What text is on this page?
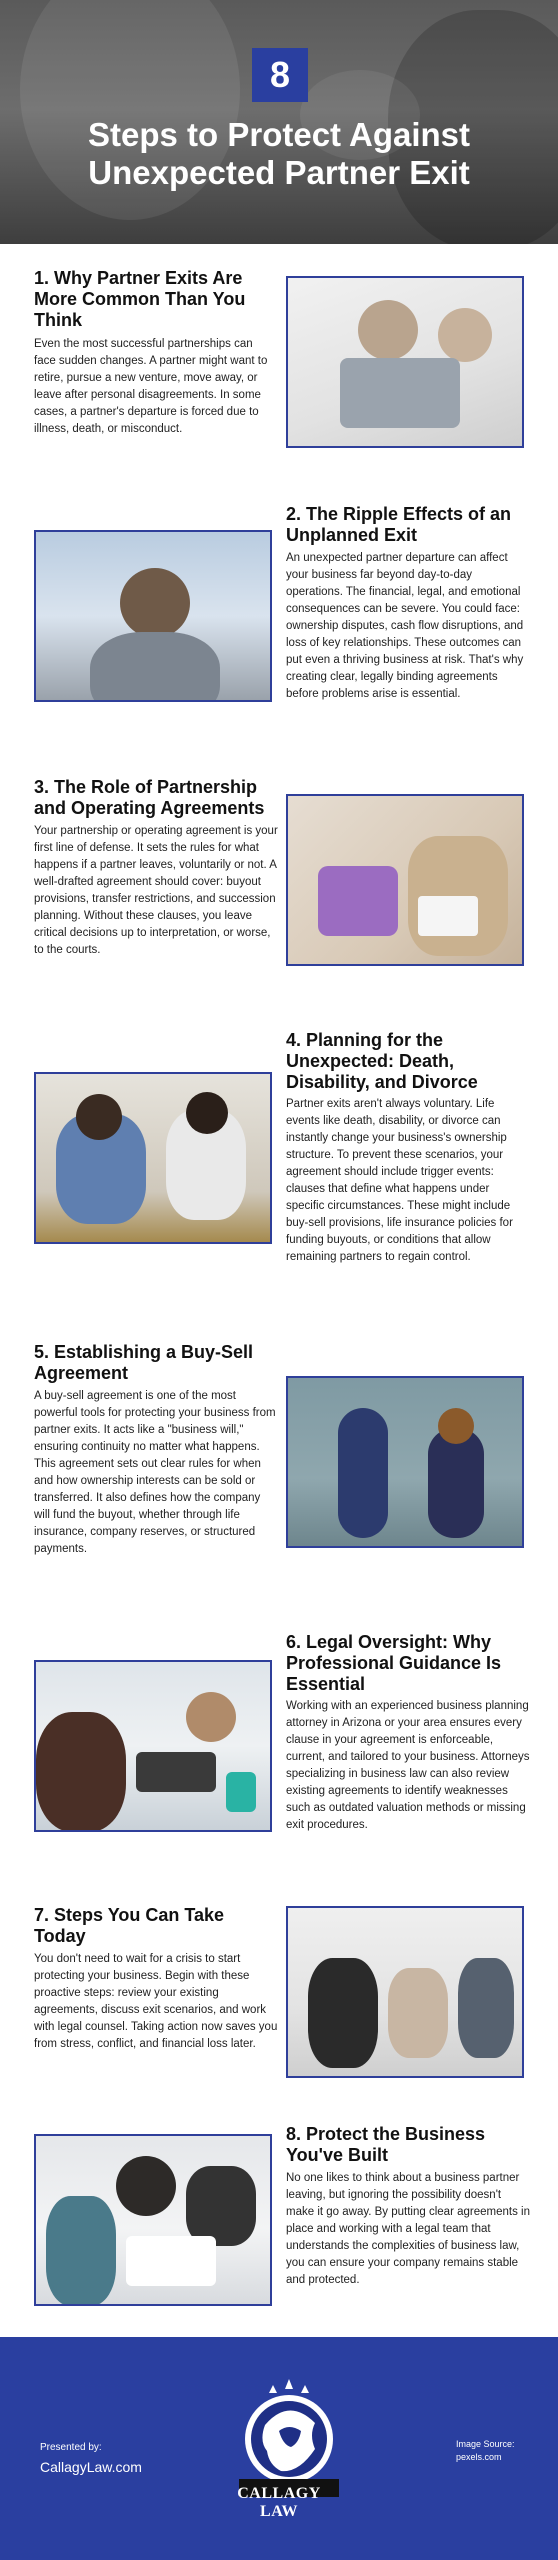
8
Steps to Protect Against
Unexpected Partner Exit
1. Why Partner Exits Are More Common Than You Think

Even the most successful partnerships can face sudden changes. A partner might want to retire, pursue a new venture, move away, or leave after personal disagreements. In some cases, a partner's departure is forced due to illness, death, or misconduct.

2. The Ripple Effects of an Unplanned Exit

An unexpected partner departure can affect your business far beyond day-to-day operations. The financial, legal, and emotional consequences can be severe. You could face: ownership disputes, cash flow disruptions, and loss of key relationships. These outcomes can put even a thriving business at risk. That's why creating clear, legally binding agreements before problems arise is essential.

3. The Role of Partnership and Operating Agreements

Your partnership or operating agreement is your first line of defense. It sets the rules for what happens if a partner leaves, voluntarily or not. A well-drafted agreement should cover: buyout provisions, transfer restrictions, and succession planning. Without these clauses, you leave critical decisions up to interpretation, or worse, to the courts.

4. Planning for the Unexpected: Death, Disability, and Divorce

Partner exits aren't always voluntary. Life events like death, disability, or divorce can instantly change your business's ownership structure. To prevent these scenarios, your agreement should include trigger events: clauses that define what happens under specific circumstances. These might include buy-sell provisions, life insurance policies for funding buyouts, or conditions that allow remaining partners to regain control.

5. Establishing a Buy-Sell Agreement

A buy-sell agreement is one of the most powerful tools for protecting your business from partner exits. It acts like a "business will," ensuring continuity no matter what happens. This agreement sets out clear rules for when and how ownership interests can be sold or transferred. It also defines how the company will fund the buyout, whether through life insurance, company reserves, or structured payments.

6. Legal Oversight: Why Professional Guidance Is Essential

Working with an experienced business planning attorney in Arizona or your area ensures every clause in your agreement is enforceable, current, and tailored to your business. Attorneys specializing in business law can also review existing agreements to identify weaknesses such as outdated valuation methods or missing exit procedures.

7. Steps You Can Take Today

You don't need to wait for a crisis to start protecting your business. Begin with these proactive steps: review your existing agreements, discuss exit scenarios, and work with legal counsel. Taking action now saves you from stress, conflict, and financial loss later.

8. Protect the Business You've Built

No one likes to think about a business partner leaving, but ignoring the possibility doesn't make it go away. By putting clear agreements in place and working with a legal team that understands the complexities of business law, you can ensure your company remains stable and protected.

Presented by:
CallagyLaw.com
CALLAGY LAW
Image Source:
pexels.com
